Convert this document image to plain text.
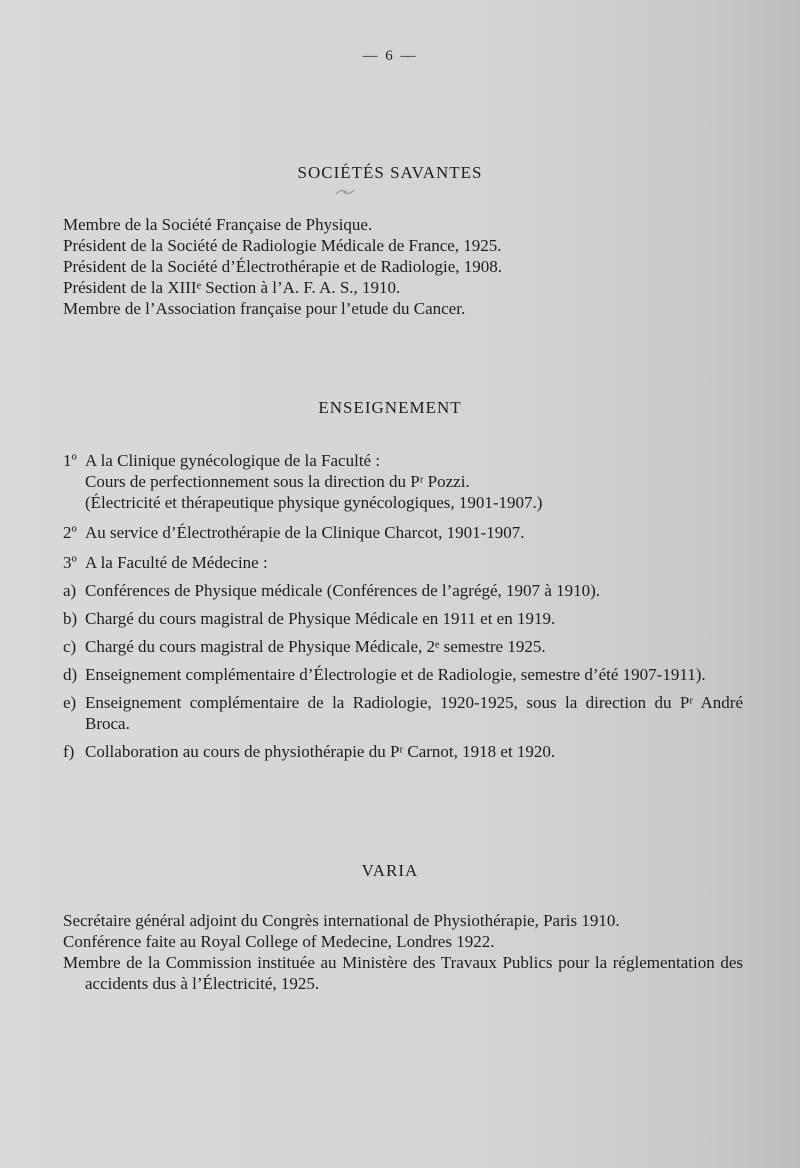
— 6 —
SOCIÉTÉS SAVANTES
Membre de la Société Française de Physique.
Président de la Société de Radiologie Médicale de France, 1925.
Président de la Société d’Électrothérapie et de Radiologie, 1908.
Président de la XIIIᵉ Section à l’A. F. A. S., 1910.
Membre de l’Association française pour l’etude du Cancer.
ENSEIGNEMENT
1º A la Clinique gynécologique de la Faculté :
Cours de perfectionnement sous la direction du Pʳ Pozzi.
(Électricité et thérapeutique physique gynécologiques, 1901-1907.)
2º Au service d’Électrothérapie de la Clinique Charcot, 1901-1907.
3º A la Faculté de Médecine :
a) Conférences de Physique médicale (Conférences de l’agrégé, 1907 à 1910).
b) Chargé du cours magistral de Physique Médicale en 1911 et en 1919.
c) Chargé du cours magistral de Physique Médicale, 2ᵉ semestre 1925.
d) Enseignement complémentaire d’Électrologie et de Radiologie, semestre d’été 1907-1911).
e) Enseignement complémentaire de la Radiologie, 1920-1925, sous la direction du Pʳ André Broca.
f) Collaboration au cours de physiothérapie du Pʳ Carnot, 1918 et 1920.
VARIA
Secrétaire général adjoint du Congrès international de Physiothérapie, Paris 1910.
Conférence faite au Royal College of Medecine, Londres 1922.
Membre de la Commission instituée au Ministère des Travaux Publics pour la réglementation des accidents dus à l’Électricité, 1925.
